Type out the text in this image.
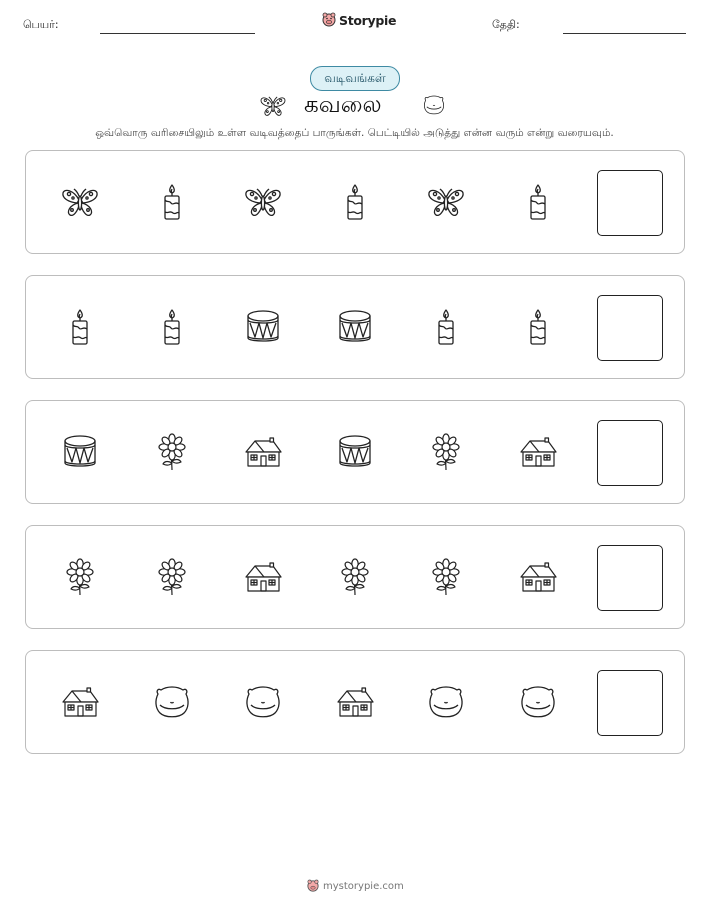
பெயர்:	Storypie	தேதி:
வடிவங்கள்
கவலை
ஒவ்வொரு வரிசையிலும் உள்ள வடிவத்தைப் பாருங்கள். பெட்டியில் அடுத்து என்ன வரும் என்று வரையவும்.
mystorypie.com
